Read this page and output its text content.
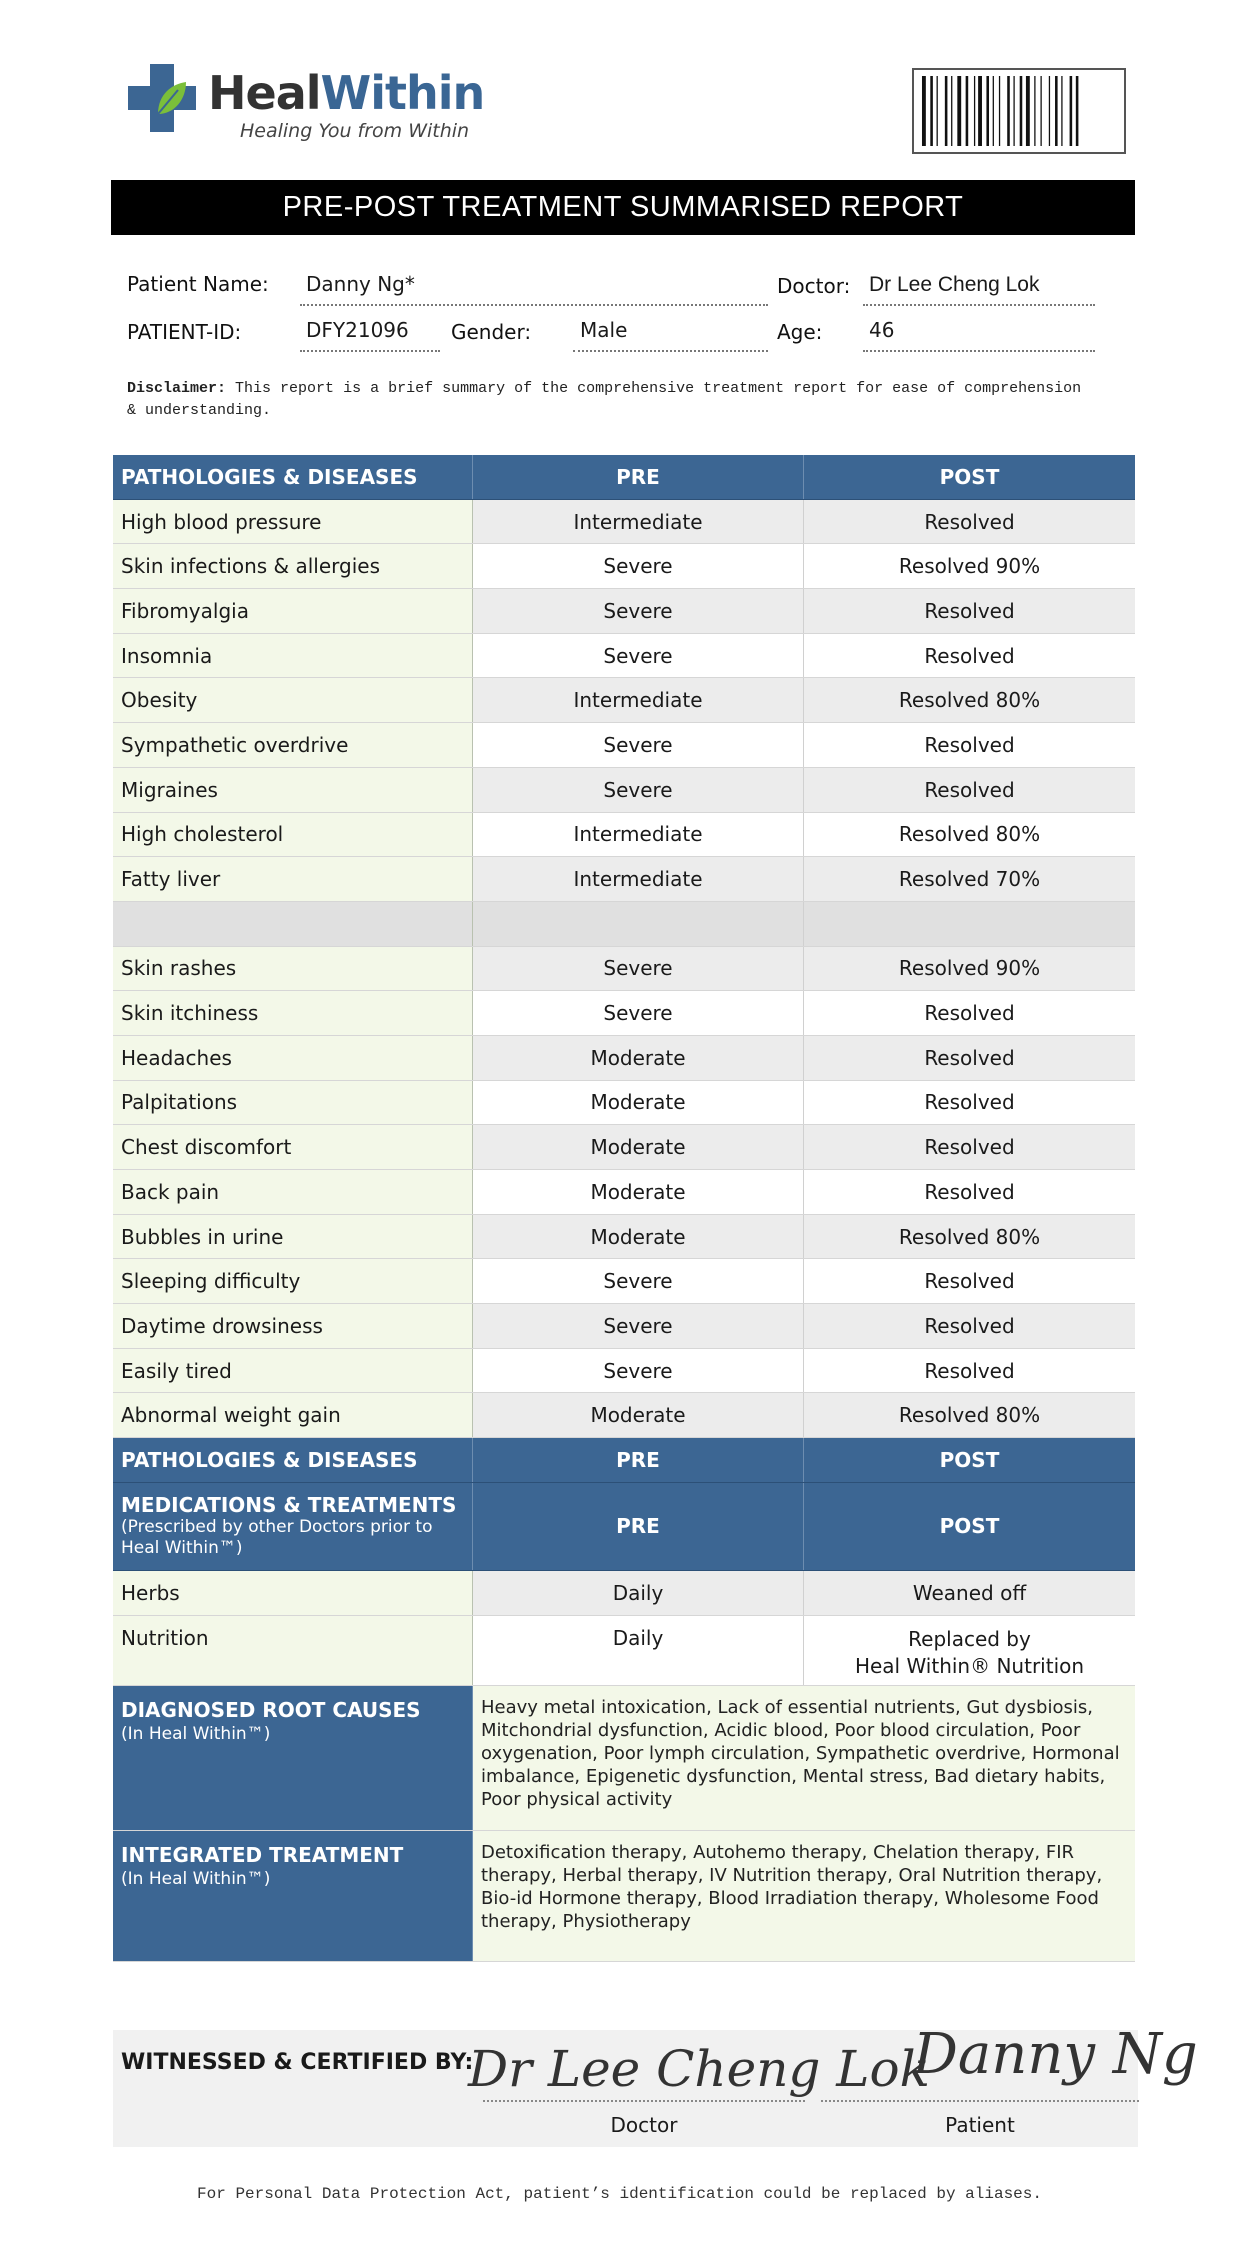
HealWithin
Healing You from Within
PRE-POST TREATMENT SUMMARISED REPORT
Patient Name: Danny Ng*	Doctor: Dr Lee Cheng Lok
PATIENT-ID:	DFY21096 Gender: Male	Age: 46
Disclaimer: This report is a brief summary of the comprehensive treatment report for ease of comprehension & understanding.
PATHOLOGIES & DISEASES	PRE	POST
High blood pressure	Intermediate	Resolved
Skin infections & allergies	Severe	Resolved 90%
Fibromyalgia	Severe	Resolved
Insomnia	Severe	Resolved
Obesity	Intermediate	Resolved 80%
Sympathetic overdrive	Severe	Resolved
Migraines	Severe	Resolved
High cholesterol	Intermediate	Resolved 80%
Fatty liver	Intermediate	Resolved 70%
Skin rashes	Severe	Resolved 90%
Skin itchiness	Severe	Resolved
Headaches	Moderate	Resolved
Palpitations	Moderate	Resolved
Chest discomfort	Moderate	Resolved
Back pain	Moderate	Resolved
Bubbles in urine	Moderate	Resolved 80%
Sleeping difficulty	Severe	Resolved
Daytime drowsiness	Severe	Resolved
Easily tired	Severe	Resolved
Abnormal weight gain	Moderate	Resolved 80%
PATHOLOGIES & DISEASES	PRE	POST
MEDICATIONS & TREATMENTS
(Prescribed by other Doctors prior to Heal Within™)
PRE	POST
Herbs	Daily	Weaned off
Nutrition	Daily	Replaced by
Heal Within® Nutrition
DIAGNOSED ROOT CAUSES
(In Heal Within™)
Heavy metal intoxication, Lack of essential nutrients, Gut dysbiosis, Mitchondrial dysfunction, Acidic blood, Poor blood circulation, Poor oxygenation, Poor lymph circulation, Sympathetic overdrive, Hormonal imbalance, Epigenetic dysfunction, Mental stress, Bad dietary habits, Poor physical activity
INTEGRATED TREATMENT
(In Heal Within™)
Detoxification therapy, Autohemo therapy, Chelation therapy, FIR therapy, Herbal therapy, IV Nutrition therapy, Oral Nutrition therapy, Bio-id Hormone therapy, Blood Irradiation therapy, Wholesome Food therapy, Physiotherapy
WITNESSED & CERTIFIED BY:
Dr Lee Cheng Lok
Danny Ng
Doctor	Patient
For Personal Data Protection Act, patient’s identification could be replaced by aliases.
